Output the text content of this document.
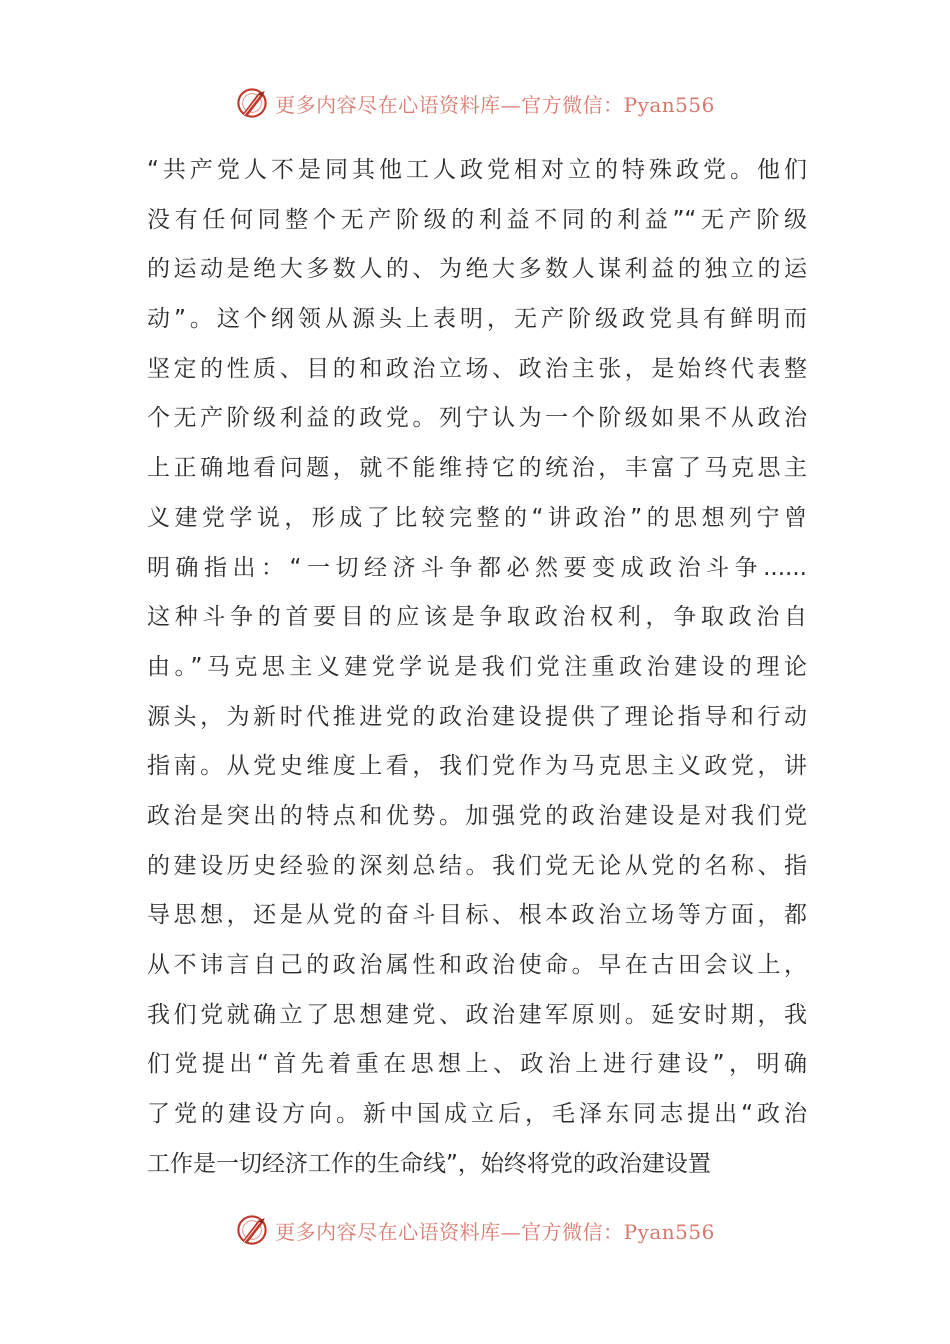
更多内容尽在心语资料库—官方微信：Pyan556
“共产党人不是同其他工人政党相对立的特殊政党。他们
没有任何同整个无产阶级的利益不同的利益”“无产阶级
的运动是绝大多数人的、为绝大多数人谋利益的独立的运
动”。这个纲领从源头上表明，无产阶级政党具有鲜明而
坚定的性质、目的和政治立场、政治主张，是始终代表整
个无产阶级利益的政党。列宁认为一个阶级如果不从政治
上正确地看问题，就不能维持它的统治，丰富了马克思主
义建党学说，形成了比较完整的“讲政治”的思想列宁曾
明确指出：“一切经济斗争都必然要变成政治斗争......
这种斗争的首要目的应该是争取政治权利，争取政治自
由。”马克思主义建党学说是我们党注重政治建设的理论
源头，为新时代推进党的政治建设提供了理论指导和行动
指南。从党史维度上看，我们党作为马克思主义政党，讲
政治是突出的特点和优势。加强党的政治建设是对我们党
的建设历史经验的深刻总结。我们党无论从党的名称、指
导思想，还是从党的奋斗目标、根本政治立场等方面，都
从不讳言自己的政治属性和政治使命。早在古田会议上，
我们党就确立了思想建党、政治建军原则。延安时期，我
们党提出“首先着重在思想上、政治上进行建设”，明确
了党的建设方向。新中国成立后，毛泽东同志提出“政治
工作是一切经济工作的生命线”，始终将党的政治建设置
更多内容尽在心语资料库—官方微信：Pyan556
